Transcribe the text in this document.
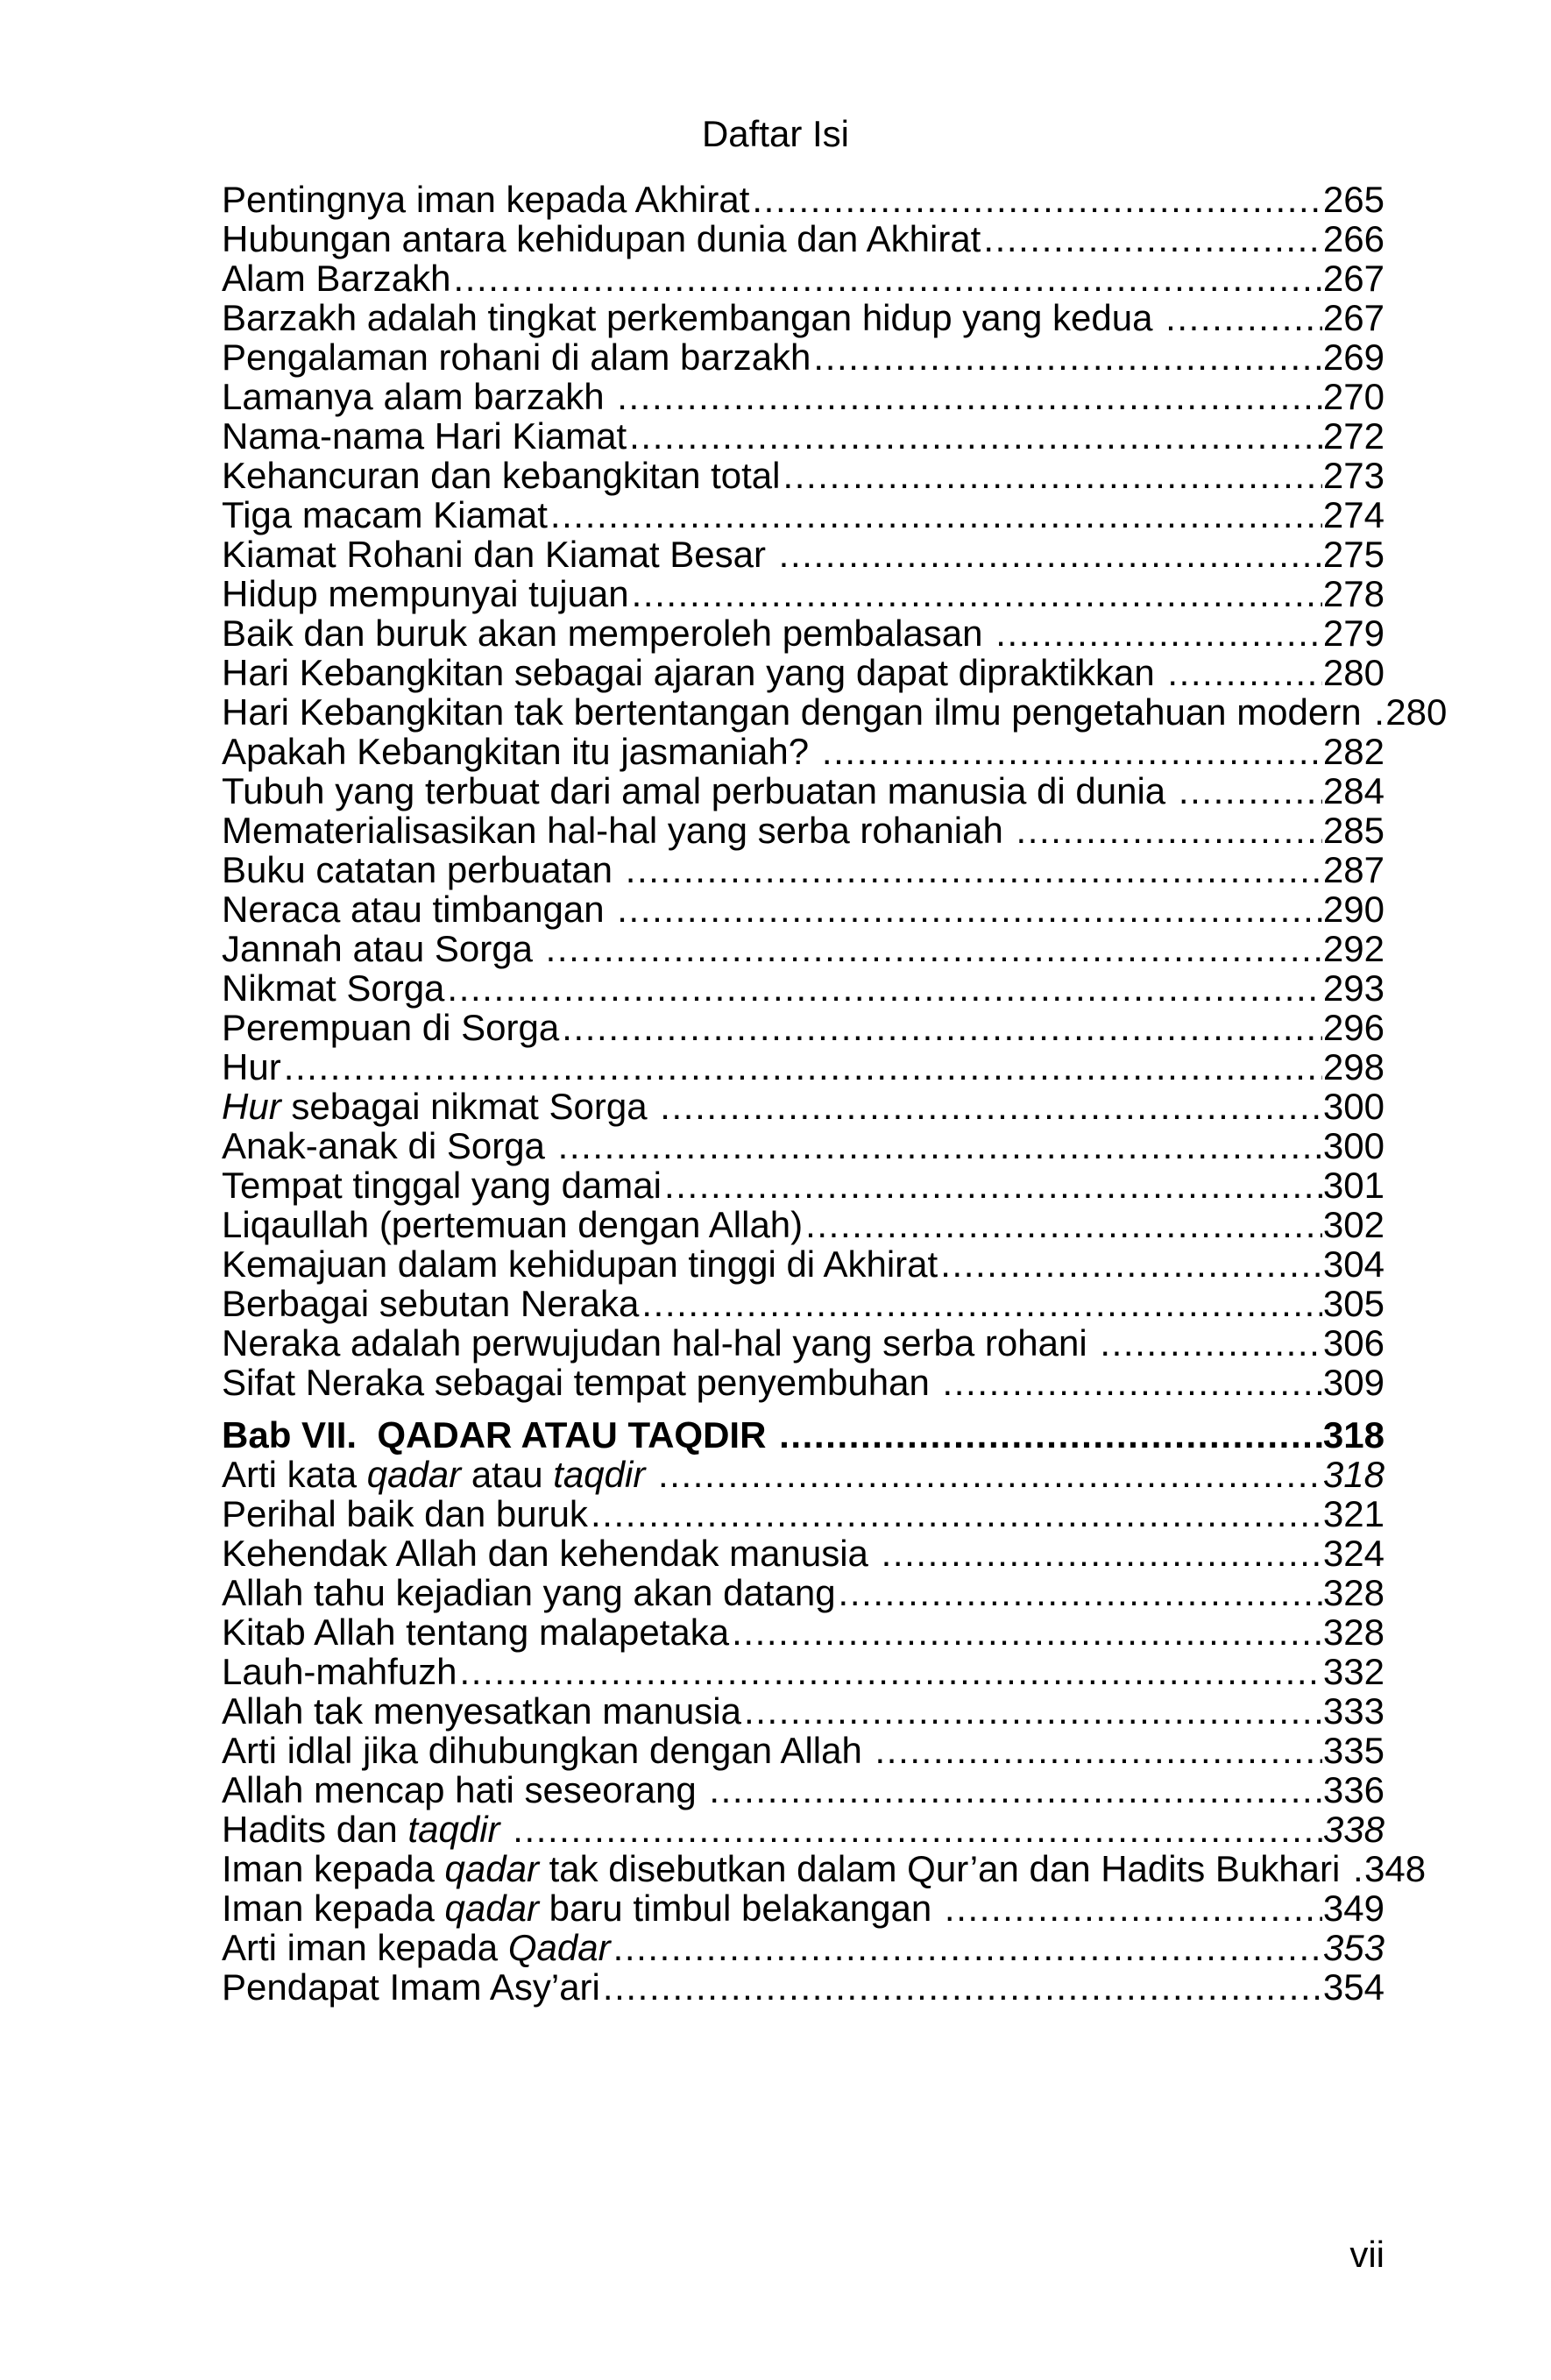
Daftar Isi
Pentingnya iman kepada Akhirat .....	265
Hubungan antara kehidupan dunia dan Akhirat .....	266
Alam Barzakh .....	267
Barzakh adalah tingkat perkembangan hidup yang kedua .....	267
Pengalaman rohani di alam barzakh .....	269
Lamanya alam barzakh .....	270
Nama-nama Hari Kiamat .....	272
Kehancuran dan kebangkitan total .....	273
Tiga macam Kiamat .....	274
Kiamat Rohani dan Kiamat Besar .....	275
Hidup mempunyai tujuan .....	278
Baik dan buruk akan memperoleh pembalasan .....	279
Hari Kebangkitan sebagai ajaran yang dapat dipraktikkan .....	280
Hari Kebangkitan tak bertentangan dengan ilmu pengetahuan modern ..... 280
Apakah Kebangkitan itu jasmaniah? .....	282
Tubuh yang terbuat dari amal perbuatan manusia di dunia .....	284
Mematerialisasikan hal-hal yang serba rohaniah .....	285
Buku catatan perbuatan .....	287
Neraca atau timbangan .....	290
Jannah atau Sorga .....	292
Nikmat Sorga .....	293
Perempuan di Sorga .....	296
Hur .....	298
Hur sebagai nikmat Sorga .....	300
Anak-anak di Sorga .....	300
Tempat tinggal yang damai .....	301
Liqaullah (pertemuan dengan Allah) .....	302
Kemajuan dalam kehidupan tinggi di Akhirat .....	304
Berbagai sebutan Neraka .....	305
Neraka adalah perwujudan hal-hal yang serba rohani .....	306
Sifat Neraka sebagai tempat penyembuhan .....	309
Bab VII.  QADAR ATAU TAQDIR .....	318
Arti kata qadar atau taqdir .....	318
Perihal baik dan buruk .....	321
Kehendak Allah dan kehendak manusia .....	324
Allah tahu kejadian yang akan datang .....	328
Kitab Allah tentang malapetaka .....	328
Lauh-mahfuzh .....	332
Allah tak menyesatkan manusia .....	333
Arti idlal jika dihubungkan dengan Allah .....	335
Allah mencap hati seseorang .....	336
Hadits dan taqdir .....	338
Iman kepada qadar tak disebutkan dalam Qur’an dan Hadits Bukhari ..... 348
Iman kepada qadar baru timbul belakangan .....	349
Arti iman kepada Qadar .....	353
Pendapat Imam Asy’ari .....	354
vii
